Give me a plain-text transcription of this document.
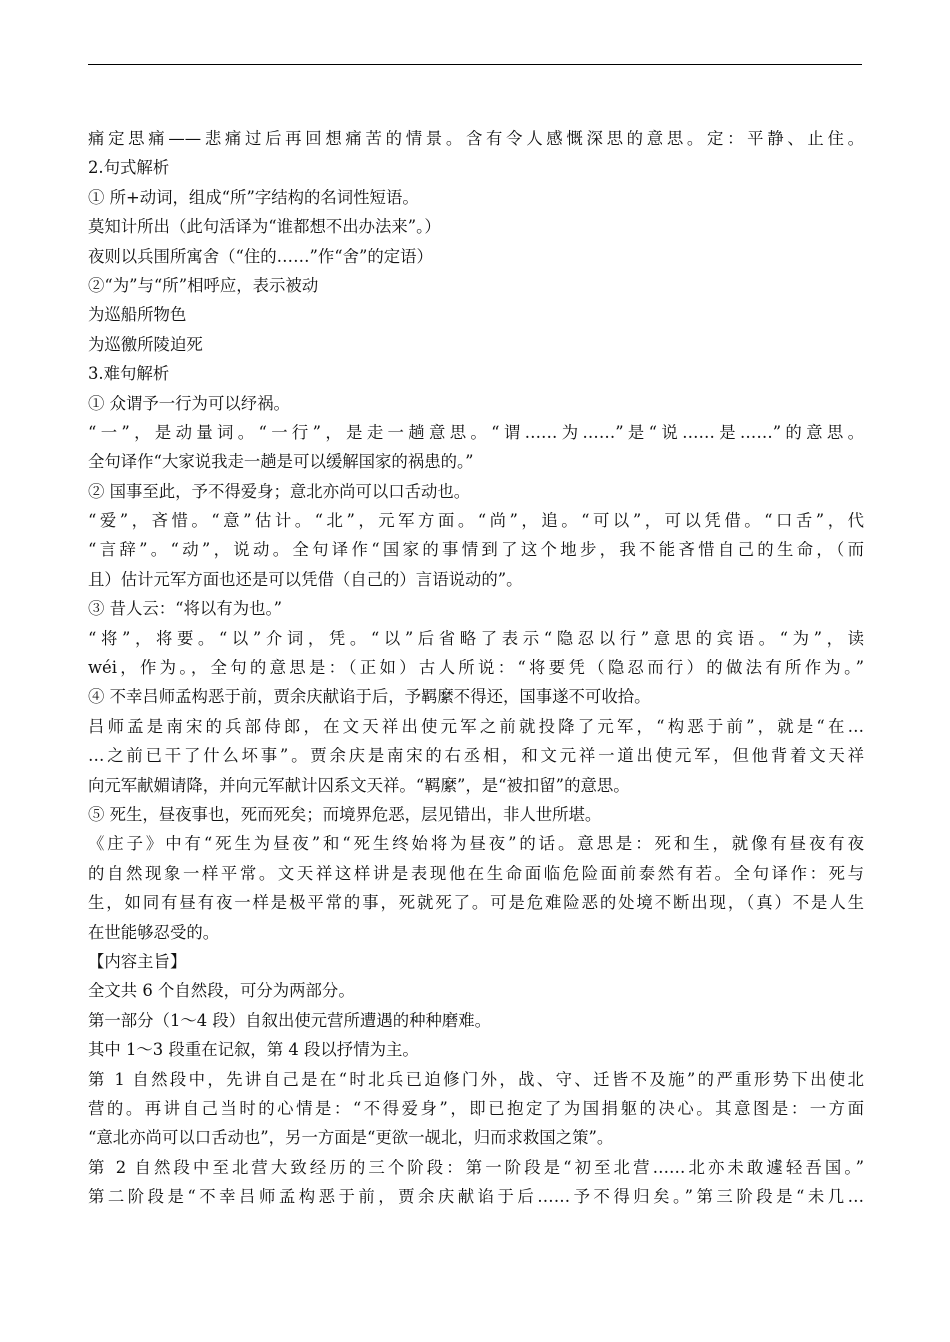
痛定思痛——悲痛过后再回想痛苦的情景。含有令人感慨深思的意思。定：平静、止住。
2.句式解析
① 所+动词，组成“所”字结构的名词性短语。
莫知计所出（此句活译为“谁都想不出办法来”。）
夜则以兵围所寓舍（“住的……”作“舍”的定语）
②“为”与“所”相呼应，表示被动
为巡船所物色
为巡徼所陵迫死
3.难句解析
① 众谓予一行为可以纾祸。
“一”，是动量词。“一行”，是走一趟意思。“谓……为……”是“说……是……”的意思。
全句译作“大家说我走一趟是可以缓解国家的祸患的。”
② 国事至此，予不得爱身；意北亦尚可以口舌动也。
“爱”，吝惜。“意”估计。“北”，元军方面。“尚”，追。“可以”，可以凭借。“口舌”，代
“言辞”。“动”，说动。全句译作“国家的事情到了这个地步，我不能吝惜自己的生命，（而
且）估计元军方面也还是可以凭借（自己的）言语说动的”。
③ 昔人云：“将以有为也。”
“将”，将要。“以”介词，凭。“以”后省略了表示“隐忍以行”意思的宾语。“为”，读
wéi，作为。，全句的意思是：（正如）古人所说：“将要凭（隐忍而行）的做法有所作为。”
④ 不幸吕师孟构恶于前，贾余庆献谄于后，予羁縻不得还，国事遂不可收拾。
吕师孟是南宋的兵部侍郎，在文天祥出使元军之前就投降了元军，“构恶于前”，就是“在…
…之前已干了什么坏事”。贾余庆是南宋的右丞相，和文元祥一道出使元军，但他背着文天祥
向元军献媚请降，并向元军献计囚系文天祥。“羁縻”，是“被扣留”的意思。
⑤ 死生，昼夜事也，死而死矣；而境界危恶，层见错出，非人世所堪。
《庄子》中有“死生为昼夜”和“死生终始将为昼夜”的话。意思是：死和生，就像有昼夜有夜
的自然现象一样平常。文天祥这样讲是表现他在生命面临危险面前泰然有若。全句译作：死与
生，如同有昼有夜一样是极平常的事，死就死了。可是危难险恶的处境不断出现，（真）不是人生
在世能够忍受的。
【内容主旨】
全文共 6 个自然段，可分为两部分。
第一部分（1～4 段）自叙出使元营所遭遇的种种磨难。
其中 1～3 段重在记叙，第 4 段以抒情为主。
第 1 自然段中，先讲自己是在“时北兵已迫修门外，战、守、迁皆不及施”的严重形势下出使北
营的。再讲自己当时的心情是：“不得爱身”，即已抱定了为国捐躯的决心。其意图是：一方面
“意北亦尚可以口舌动也”，另一方面是“更欲一觇北，归而求救国之策”。
第 2 自然段中至北营大致经历的三个阶段：第一阶段是“初至北营……北亦未敢遽轻吾国。”
第二阶段是“不幸吕师孟构恶于前，贾余庆献谄于后……予不得归矣。”第三阶段是“未几…
